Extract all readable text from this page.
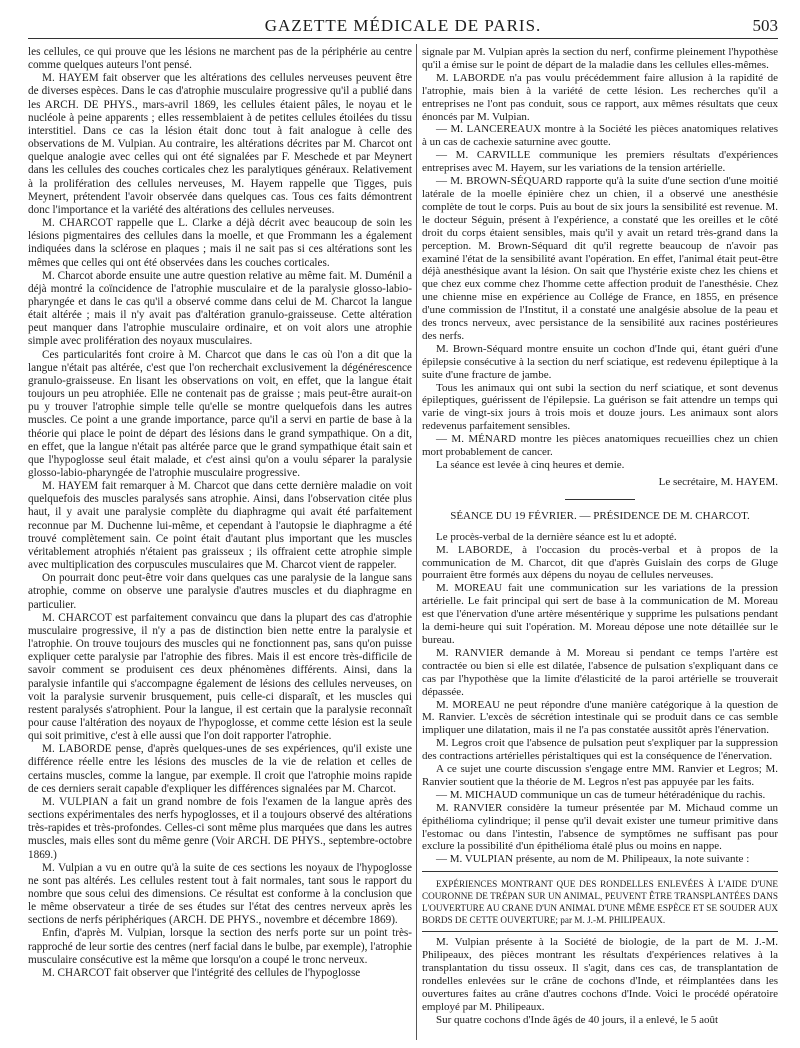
GAZETTE MÉDICALE DE PARIS.	503

les cellules, ce qui prouve que les lésions ne marchent pas de la périphérie au centre comme quelques auteurs l'ont pensé.

M. HAYEM fait observer que les altérations des cellules nerveuses peuvent être de diverses espèces. Dans le cas d'atrophie musculaire progressive qu'il a publié dans les ARCH. DE PHYS., mars-avril 1869, les cellules étaient pâles, le noyau et le nucléole à peine apparents ; elles ressemblaient à de petites cellules étoilées du tissu interstitiel. Dans ce cas la lésion était donc tout à fait analogue à celle des observations de M. Vulpian. Au contraire, les altérations décrites par M. Charcot ont quelque analogie avec celles qui ont été signalées par F. Meschede et par Meynert dans les cellules des couches corticales chez les paralytiques généraux. Relativement à la prolifération des cellules nerveuses, M. Hayem rappelle que Tigges, puis Meynert, prétendent l'avoir observée dans quelques cas. Tous ces faits démontrent donc l'importance et la variété des altérations des cellules nerveuses.

M. CHARCOT rappelle que L. Clarke a déjà décrit avec beaucoup de soin les lésions pigmentaires des cellules dans la moelle, et que Frommann les a également indiquées dans la sclérose en plaques ; mais il ne sait pas si ces altérations sont les mêmes que celles qui ont été observées dans les couches corticales.

M. Charcot aborde ensuite une autre question relative au même fait. M. Duménil a déjà montré la coïncidence de l'atrophie musculaire et de la paralysie glosso-labio-pharyngée et dans le cas qu'il a observé comme dans celui de M. Charcot la langue était altérée ; mais il n'y avait pas d'altération granulo-graisseuse. Cette altération peut manquer dans l'atrophie musculaire ordinaire, et on voit alors une atrophie simple avec prolifération des noyaux musculaires.

Ces particularités font croire à M. Charcot que dans le cas où l'on a dit que la langue n'était pas altérée, c'est que l'on recherchait exclusivement la dégénérescence granulo-graisseuse. En lisant les observations on voit, en effet, que la langue était toujours un peu atrophiée. Elle ne contenait pas de graisse ; mais peut-être aurait-on pu y trouver l'atrophie simple telle qu'elle se montre quelquefois dans les autres muscles. Ce point a une grande importance, parce qu'il a servi en partie de base à la théorie qui place le point de départ des lésions dans le grand sympathique. On a dit, en effet, que la langue n'était pas altérée parce que le grand sympathique était sain et que l'hypoglosse seul était malade, et c'est ainsi qu'on a voulu séparer la paralysie glosso-labio-pharyngée de l'atrophie musculaire progressive.

M. HAYEM fait remarquer à M. Charcot que dans cette dernière maladie on voit quelquefois des muscles paralysés sans atrophie. Ainsi, dans l'observation citée plus haut, il y avait une paralysie complète du diaphragme qui avait été parfaitement reconnue par M. Duchenne lui-même, et cependant à l'autopsie le diaphragme a été trouvé complètement sain. Ce point était d'autant plus important que les muscles véritablement atrophiés n'étaient pas graisseux ; ils offraient cette atrophie simple avec multiplication des corpuscules musculaires que M. Charcot vient de rappeler.

On pourrait donc peut-être voir dans quelques cas une paralysie de la langue sans atrophie, comme on observe une paralysie d'autres muscles et du diaphragme en particulier.

M. CHARCOT est parfaitement convaincu que dans la plupart des cas d'atrophie musculaire progressive, il n'y a pas de distinction bien nette entre la paralysie et l'atrophie. On trouve toujours des muscles qui ne fonctionnent pas, sans qu'on puisse expliquer cette paralysie par l'atrophie des fibres. Mais il est encore très-difficile de savoir comment se produisent ces deux phénomènes différents. Ainsi, dans la paralysie infantile qui s'accompagne également de lésions des cellules nerveuses, on voit la paralysie survenir brusquement, puis celle-ci disparaît, et les muscles qui restent paralysés s'atrophient. Pour la langue, il est certain que la paralysie reconnaît pour cause l'altération des noyaux de l'hypoglosse, et comme cette lésion est la seule qui soit primitive, c'est à elle aussi que l'on doit rapporter l'atrophie.

M. LABORDE pense, d'après quelques-unes de ses expériences, qu'il existe une différence réelle entre les lésions des muscles de la vie de relation et celles de certains muscles, comme la langue, par exemple. Il croit que l'atrophie moins rapide de ces derniers serait capable d'expliquer les différences signalées par M. Charcot.

M. VULPIAN a fait un grand nombre de fois l'examen de la langue après des sections expérimentales des nerfs hypoglosses, et il a toujours observé des altérations très-rapides et très-profondes. Celles-ci sont même plus marquées que dans les autres muscles, mais elles sont du même genre (Voir ARCH. DE PHYS., septembre-octobre 1869.)

M. Vulpian a vu en outre qu'à la suite de ces sections les noyaux de l'hypoglosse ne sont pas altérés. Les cellules restent tout à fait normales, tant sous le rapport du nombre que sous celui des dimensions. Ce résultat est conforme à la conclusion que le même observateur a tirée de ses études sur l'état des centres nerveux après les sections de nerfs périphériques (ARCH. DE PHYS., novembre et décembre 1869).

Enfin, d'après M. Vulpian, lorsque la section des nerfs porte sur un point très-rapproché de leur sortie des centres (nerf facial dans le bulbe, par exemple), l'atrophie musculaire consécutive est la même que lorsqu'on a coupé le tronc nerveux.

M. CHARCOT fait observer que l'intégrité des cellules de l'hypoglosse

signale par M. Vulpian après la section du nerf, confirme pleinement l'hypothèse qu'il a émise sur le point de départ de la maladie dans les cellules elles-mêmes.

M. LABORDE n'a pas voulu précédemment faire allusion à la rapidité de l'atrophie, mais bien à la variété de cette lésion. Les recherches qu'il a entreprises ne l'ont pas conduit, sous ce rapport, aux mêmes résultats que ceux énoncés par M. Vulpian.

— M. LANCEREAUX montre à la Société les pièces anatomiques relatives à un cas de cachexie saturnine avec goutte.

— M. CARVILLE communique les premiers résultats d'expériences entreprises avec M. Hayem, sur les variations de la tension artérielle.

— M. BROWN-SÉQUARD rapporte qu'à la suite d'une section d'une moitié latérale de la moelle épinière chez un chien, il a observé une anesthésie complète de tout le corps. Puis au bout de six jours la sensibilité est revenue. M. le docteur Séguin, présent à l'expérience, a constaté que les oreilles et le côté droit du corps étaient sensibles, mais qu'il y avait un retard très-grand dans la perception. M. Brown-Séquard dit qu'il regrette beaucoup de n'avoir pas examiné l'état de la sensibilité avant l'opération. En effet, l'animal était peut-être déjà anesthésique avant la lésion. On sait que l'hystérie existe chez les chiens et que chez eux comme chez l'homme cette affection produit de l'anesthésie. Chez une chienne mise en expérience au Collége de France, en 1855, en présence d'une commission de l'Institut, il a constaté une analgésie absolue de la peau et des troncs nerveux, avec persistance de la sensibilité aux racines postérieures des nerfs.

M. Brown-Séquard montre ensuite un cochon d'Inde qui, étant guéri d'une épilepsie consécutive à la section du nerf sciatique, est redevenu épileptique à la suite d'une fracture de jambe.

Tous les animaux qui ont subi la section du nerf sciatique, et sont devenus épileptiques, guérissent de l'épilepsie. La guérison se fait attendre un temps qui varie de vingt-six jours à trois mois et douze jours. Les animaux sont alors redevenus parfaitement sensibles.

— M. MÉNARD montre les pièces anatomiques recueillies chez un chien mort probablement de cancer.

La séance est levée à cinq heures et demie.

Le secrétaire, M. HAYEM.

SÉANCE DU 19 FÉVRIER. — PRÉSIDENCE DE M. CHARCOT.

Le procès-verbal de la dernière séance est lu et adopté.

M. LABORDE, à l'occasion du procès-verbal et à propos de la communication de M. Charcot, dit que d'après Guislain des corps de Gluge pourraient être formés aux dépens du noyau de cellules nerveuses.

M. MOREAU fait une communication sur les variations de la pression artérielle. Le fait principal qui sert de base à la communication de M. Moreau est que l'énervation d'une artère mésentérique y supprime les pulsations pendant la demi-heure qui suit l'opération. M. Moreau dépose une note détaillée sur le bureau.

M. RANVIER demande à M. Moreau si pendant ce temps l'artère est contractée ou bien si elle est dilatée, l'absence de pulsation s'expliquant dans ce cas par l'hypothèse que la limite d'élasticité de la paroi artérielle se trouverait dépassée.

M. MOREAU ne peut répondre d'une manière catégorique à la question de M. Ranvier. L'excès de sécrétion intestinale qui se produit dans ce cas semble impliquer une dilatation, mais il ne l'a pas constatée aussitôt après l'énervation.

M. Legros croit que l'absence de pulsation peut s'expliquer par la suppression des contractions artérielles péristaltiques qui est la conséquence de l'énervation.

A ce sujet une courte discussion s'engage entre MM. Ranvier et Legros; M. Ranvier soutient que la théorie de M. Legros n'est pas appuyée par les faits.

— M. MICHAUD communique un cas de tumeur hétéradénique du rachis.

M. RANVIER considère la tumeur présentée par M. Michaud comme un épithélioma cylindrique; il pense qu'il devait exister une tumeur primitive dans l'estomac ou dans l'intestin, l'absence de symptômes ne suffisant pas pour exclure la possibilité d'un épithélioma étalé plus ou moins en nappe.

— M. VULPIAN présente, au nom de M. Philipeaux, la note suivante :

EXPÉRIENCES MONTRANT QUE DES RONDELLES ENLEVÉES À L'AIDE D'UNE COURONNE DE TRÉPAN SUR UN ANIMAL, PEUVENT ÊTRE TRANSPLANTÉES DANS L'OUVERTURE AU CRANE D'UN ANIMAL D'UNE MÊME ESPÈCE ET SE SOUDER AUX BORDS DE CETTE OUVERTURE; par M. J.-M. PHILIPEAUX.

M. Vulpian présente à la Société de biologie, de la part de M. J.-M. Philipeaux, des pièces montrant les résultats d'expériences relatives à la transplantation du tissu osseux. Il s'agit, dans ces cas, de transplantation de rondelles enlevées sur le crâne de cochons d'Inde, et réimplantées dans les ouvertures faites au crâne d'autres cochons d'Inde. Voici le procédé opératoire employé par M. Philipeaux.

Sur quatre cochons d'Inde âgés de 40 jours, il a enlevé, le 5 août
